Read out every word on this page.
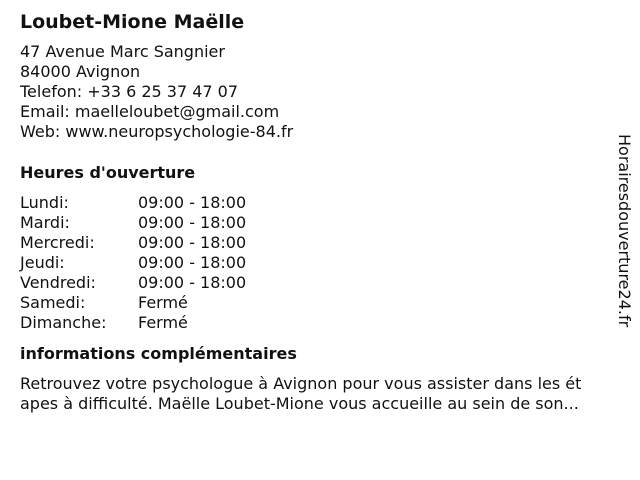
Loubet-Mione Maëlle
47 Avenue Marc Sangnier
84000 Avignon
Telefon: +33 6 25 37 47 07
Email: maelleloubet@gmail.com
Web: www.neuropsychologie-84.fr
Heures d'ouverture
Lundi:	09:00 - 18:00
Mardi:	09:00 - 18:00
Mercredi:	09:00 - 18:00
Jeudi:	09:00 - 18:00
Vendredi:	09:00 - 18:00
Samedi:	Fermé
Dimanche:	Fermé
informations complémentaires
Retrouvez votre psychologue à Avignon pour vous assister dans les ét
apes à difficulté. Maëlle Loubet-Mione vous accueille au sein de son...
Horairesdouverture24.fr
